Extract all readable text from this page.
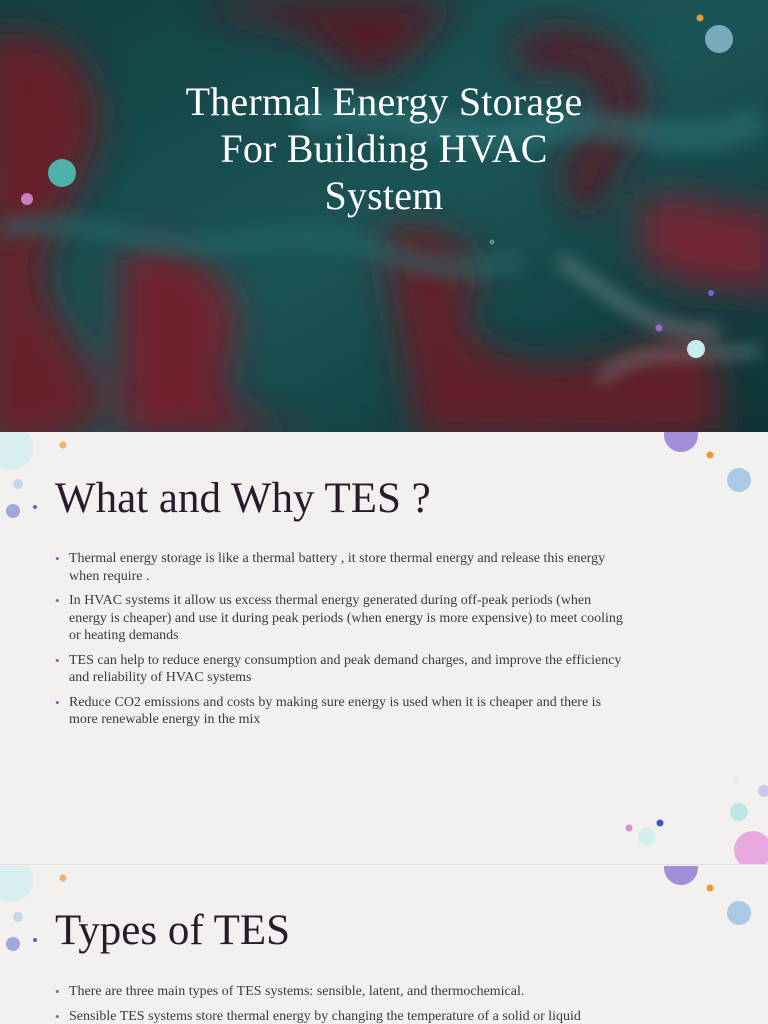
Thermal Energy Storage
For Building HVAC
System
What and Why TES ?
• Thermal energy storage is like a thermal battery , it store thermal energy and release this energy
when require .
• In HVAC systems it allow us excess thermal energy generated during off-peak periods (when
energy is cheaper) and use it during peak periods (when energy is more expensive) to meet cooling
or heating demands
• TES can help to reduce energy consumption and peak demand charges, and improve the efficiency
and reliability of HVAC systems
• Reduce CO2 emissions and costs by making sure energy is used when it is cheaper and there is
more renewable energy in the mix
Types of TES
• There are three main types of TES systems: sensible, latent, and thermochemical.
• Sensible TES systems store thermal energy by changing the temperature of a solid or liquid
